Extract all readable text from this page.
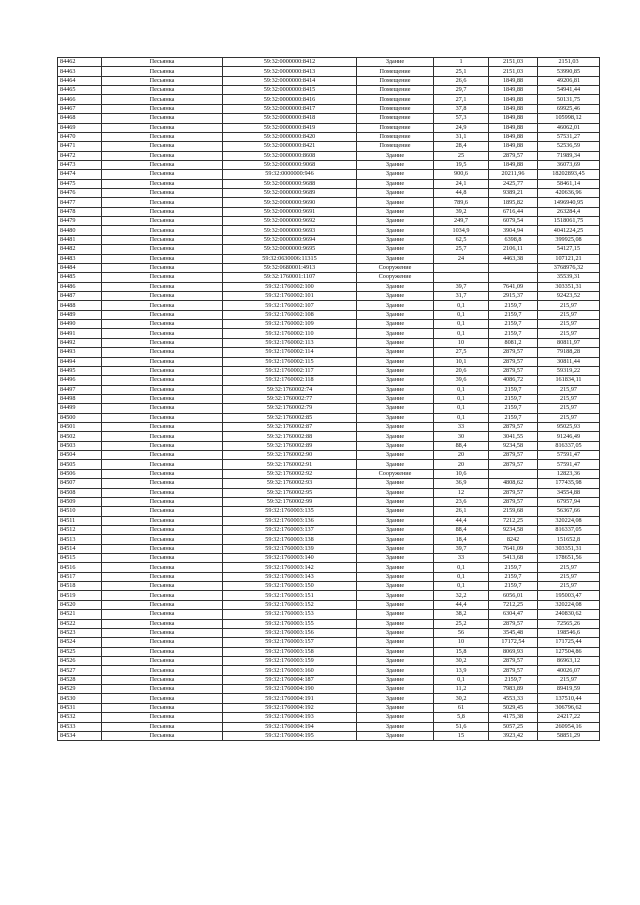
84462	Песьянка	59:32:0000000:8412	Здание	1	2151,03	2151,03
84463	Песьянка	59:32:0000000:8413	Помещение	25,1	2151,03	53990,85
84464	Песьянка	59:32:0000000:8414	Помещение	26,6	1849,88	49206,81
84465	Песьянка	59:32:0000000:8415	Помещение	29,7	1849,88	54941,44
84466	Песьянка	59:32:0000000:8416	Помещение	27,1	1849,88	50131,75
84467	Песьянка	59:32:0000000:8417	Помещение	37,8	1849,88	69925,46
84468	Песьянка	59:32:0000000:8418	Помещение	57,3	1849,88	105998,12
84469	Песьянка	59:32:0000000:8419	Помещение	24,9	1849,88	46062,01
84470	Песьянка	59:32:0000000:8420	Помещение	31,1	1849,88	57531,27
84471	Песьянка	59:32:0000000:8421	Помещение	28,4	1849,88	52536,59
84472	Песьянка	59:32:0000000:8608	Здание	25	2879,57	71989,34
84473	Песьянка	59:32:0000000:9068	Здание	19,5	1849,88	36073,69
84474	Песьянка	59:32:0000000:946	Здание	900,6	20211,96	18202893,45
84475	Песьянка	59:32:0000000:9688	Здание	24,1	2425,77	58461,14
84476	Песьянка	59:32:0000000:9689	Здание	44,8	9389,21	420636,96
84477	Песьянка	59:32:0000000:9690	Здание	789,6	1895,82	1496940,95
84478	Песьянка	59:32:0000000:9691	Здание	39,2	6716,44	263284,4
84479	Песьянка	59:32:0000000:9692	Здание	249,7	6079,54	1518061,75
84480	Песьянка	59:32:0000000:9693	Здание	1034,9	3904,94	4041224,25
84481	Песьянка	59:32:0000000:9694	Здание	62,5	6398,8	399925,08
84482	Песьянка	59:32:0000000:9695	Здание	25,7	2106,11	54127,15
84483	Песьянка	59:32:0630006:11315	Здание	24	4463,38	107121,21
84484	Песьянка	59:32:0680001:4913	Сооружение			3768976,32
84485	Песьянка	59:32:1760001:1107	Сооружение			35539,31
84486	Песьянка	59:32:1760002:100	Здание	39,7	7641,09	303351,31
84487	Песьянка	59:32:1760002:101	Здание	31,7	2915,37	92423,52
84488	Песьянка	59:32:1760002:107	Здание	0,1	2159,7	215,97
84489	Песьянка	59:32:1760002:108	Здание	0,1	2159,7	215,97
84490	Песьянка	59:32:1760002:109	Здание	0,1	2159,7	215,97
84491	Песьянка	59:32:1760002:110	Здание	0,1	2159,7	215,97
84492	Песьянка	59:32:1760002:113	Здание	10	8081,2	80811,97
84493	Песьянка	59:32:1760002:114	Здание	27,5	2879,57	79188,28
84494	Песьянка	59:32:1760002:115	Здание	10,1	2879,57	30811,44
84495	Песьянка	59:32:1760002:117	Здание	20,6	2879,57	59319,22
84496	Песьянка	59:32:1760002:118	Здание	39,6	4086,72	161834,11
84497	Песьянка	59:32:1760002:74	Здание	0,1	2159,7	215,97
84498	Песьянка	59:32:1760002:77	Здание	0,1	2159,7	215,97
84499	Песьянка	59:32:1760002:79	Здание	0,1	2159,7	215,97
84500	Песьянка	59:32:1760002:85	Здание	0,1	2159,7	215,97
84501	Песьянка	59:32:1760002:87	Здание	33	2879,57	95025,93
84502	Песьянка	59:32:1760002:88	Здание	30	3041,55	91246,49
84503	Песьянка	59:32:1760002:89	Здание	88,4	9234,58	816337,05
84504	Песьянка	59:32:1760002:90	Здание	20	2879,57	57591,47
84505	Песьянка	59:32:1760002:91	Здание	20	2879,57	57591,47
84506	Песьянка	59:32:1760002:92	Сооружение	10,6		12823,36
84507	Песьянка	59:32:1760002:93	Здание	36,9	4808,62	177435,98
84508	Песьянка	59:32:1760002:95	Здание	12	2879,57	34554,88
84509	Песьянка	59:32:1760002:99	Здание	23,6	2879,57	67957,94
84510	Песьянка	59:32:1760003:135	Здание	26,1	2159,68	56367,66
84511	Песьянка	59:32:1760003:136	Здание	44,4	7212,25	320224,08
84512	Песьянка	59:32:1760003:137	Здание	88,4	9234,58	816337,05
84513	Песьянка	59:32:1760003:138	Здание	18,4	8242	151652,8
84514	Песьянка	59:32:1760003:139	Здание	39,7	7641,09	303351,31
84515	Песьянка	59:32:1760003:140	Здание	33	5413,68	178651,56
84516	Песьянка	59:32:1760003:142	Здание	0,1	2159,7	215,97
84517	Песьянка	59:32:1760003:143	Здание	0,1	2159,7	215,97
84518	Песьянка	59:32:1760003:150	Здание	0,1	2159,7	215,97
84519	Песьянка	59:32:1760003:151	Здание	32,2	6056,01	195003,47
84520	Песьянка	59:32:1760003:152	Здание	44,4	7212,25	320224,08
84521	Песьянка	59:32:1760003:153	Здание	38,2	6304,47	240830,62
84522	Песьянка	59:32:1760003:155	Здание	25,2	2879,57	72565,26
84523	Песьянка	59:32:1760003:156	Здание	56	3545,48	198546,6
84524	Песьянка	59:32:1760003:157	Здание	10	17172,54	171725,44
84525	Песьянка	59:32:1760003:158	Здание	15,8	8069,93	127504,86
84526	Песьянка	59:32:1760003:159	Здание	30,2	2879,57	86963,12
84527	Песьянка	59:32:1760003:160	Здание	13,9	2879,57	40026,07
84528	Песьянка	59:32:1760004:187	Здание	0,1	2159,7	215,97
84529	Песьянка	59:32:1760004:190	Здание	11,2	7983,89	89419,59
84530	Песьянка	59:32:1760004:191	Здание	30,2	4553,33	137510,44
84531	Песьянка	59:32:1760004:192	Здание	61	5029,45	306796,62
84532	Песьянка	59:32:1760004:193	Здание	5,8	4175,38	24217,22
84533	Песьянка	59:32:1760004:194	Здание	51,6	5057,25	260954,16
84534	Песьянка	59:32:1760004:195	Здание	15	3923,42	58851,29
